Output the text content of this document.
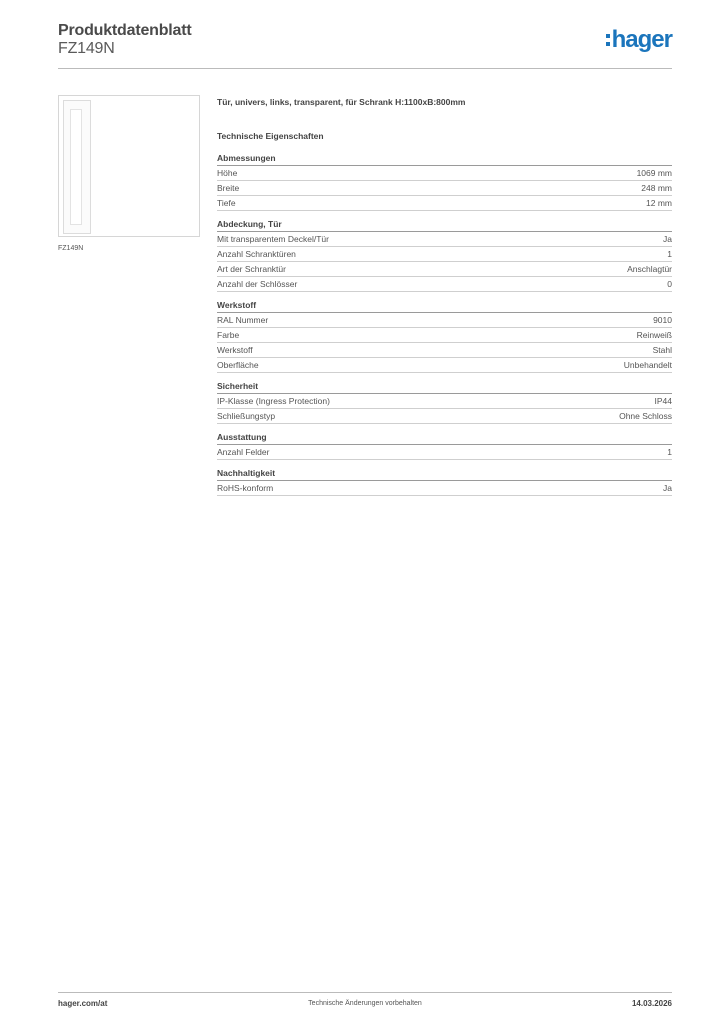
Produktdatenblatt
FZ149N	hager
FZ149N
Tür, univers, links, transparent, für Schrank H:1100xB:800mm
Technische Eigenschaften
Abmessungen
Höhe	1069 mm
Breite	248 mm
Tiefe	12 mm
Abdeckung, Tür
Mit transparentem Deckel/Tür	Ja
Anzahl Schranktüren	1
Art der Schranktür	Anschlagtür
Anzahl der Schlösser	0
Werkstoff
RAL Nummer	9010
Farbe	Reinweiß
Werkstoff	Stahl
Oberfläche	Unbehandelt
Sicherheit
IP-Klasse (Ingress Protection)	IP44
Schließungstyp	Ohne Schloss
Ausstattung
Anzahl Felder	1
Nachhaltigkeit
RoHS-konform	Ja
hager.com/at	Technische Änderungen vorbehalten	14.03.2026
